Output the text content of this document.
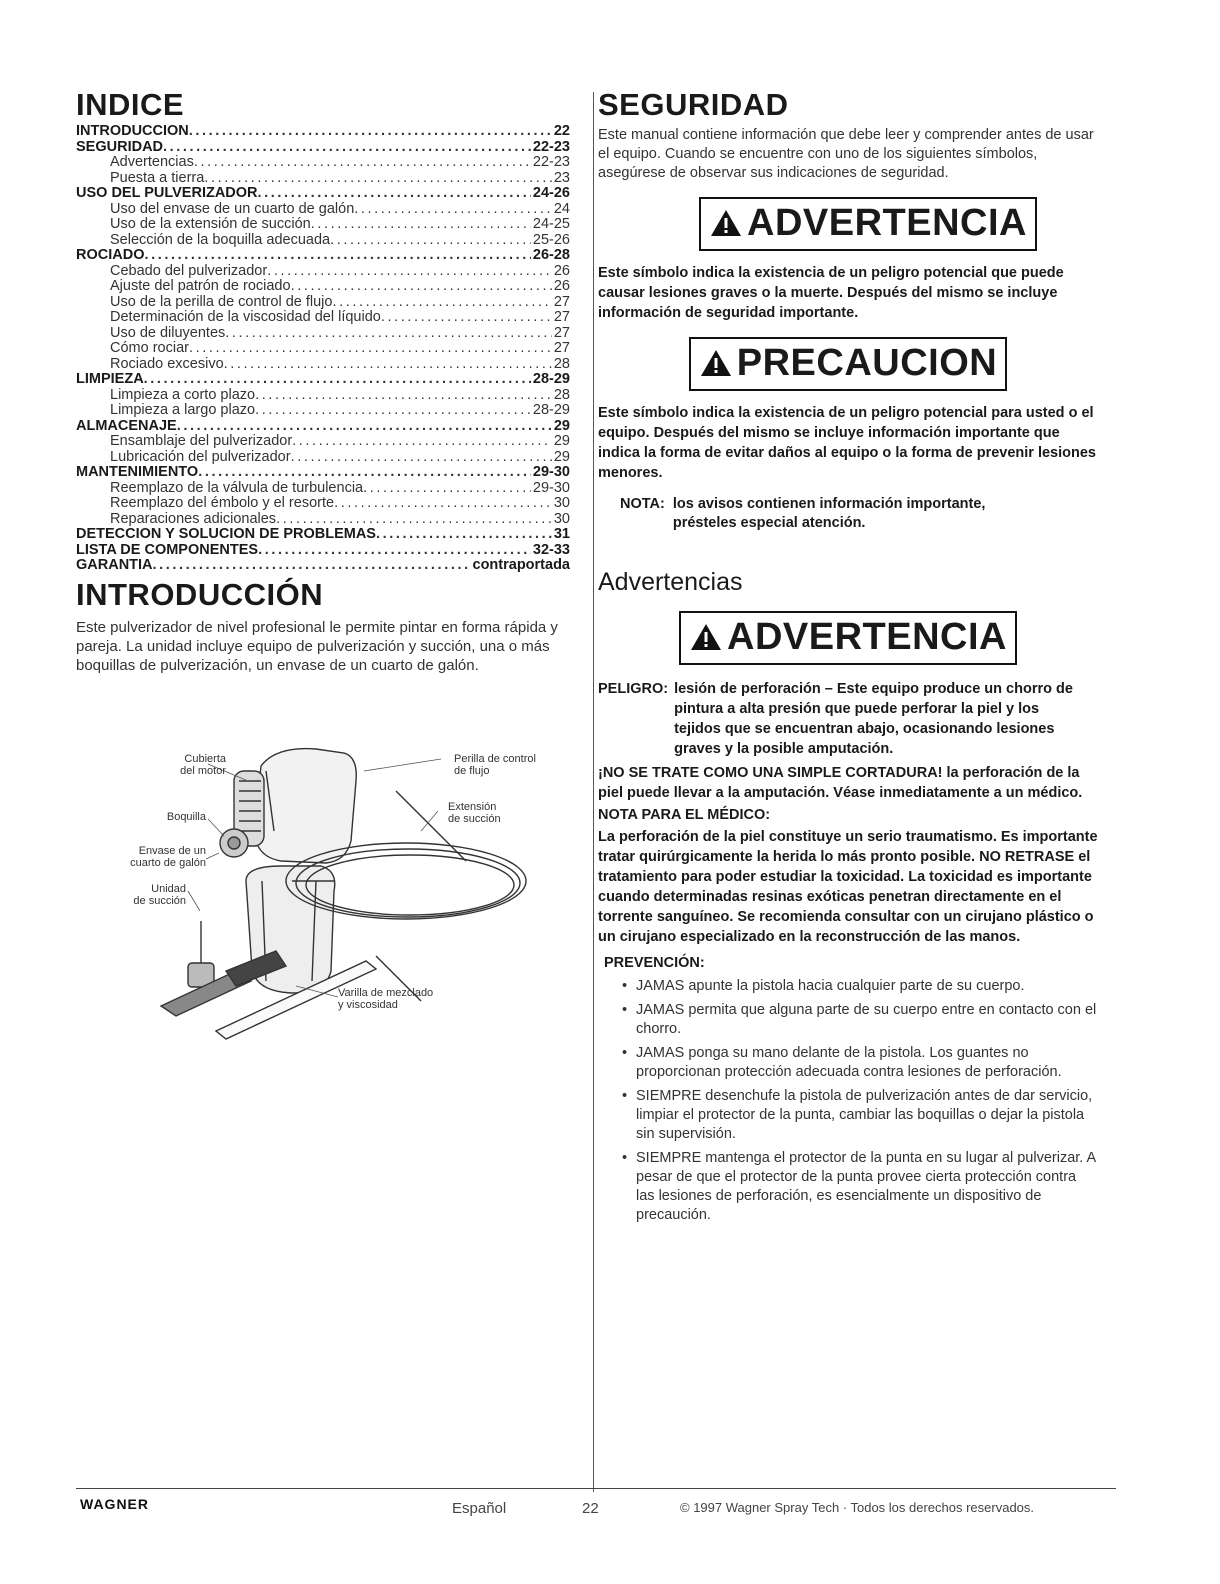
INDICE
INTRODUCCIÓN .....	22
SEGURIDAD .....	22-23
Advertencias .....	22-23
Puesta a tierra .....	23
USO DEL PULVERIZADOR .....	24-26
Uso del envase de un cuarto de galón .....	24
Uso de la extensión de succión .....	24-25
Selección de la boquilla adecuada .....	25-26
ROCIADO .....	26-28
Cebado del pulverizador .....	26
Ajuste del patrón de rociado .....	26
Uso de la perilla de control de flujo .....	27
Determinación de la viscosidad del líquido .....	27
Uso de diluyentes .....	27
Cómo rociar .....	27
Rociado excesivo .....	28
LIMPIEZA .....	28-29
Limpieza a corto plazo .....	28
Limpieza a largo plazo .....	28-29
ALMACENAJE .....	29
Ensamblaje del pulverizador .....	29
Lubricación del pulverizador .....	29
MANTENIMIENTO .....	29-30
Reemplazo de la válvula de turbulencia .....	29-30
Reemplazo del émbolo y el resorte .....	30
Reparaciones adicionales .....	30
DETECCIÓN Y SOLUCIÓN DE PROBLEMAS .....	31
LISTA DE COMPONENTES .....	32-33
GARANTÍA .....	contraportada
INTRODUCCIÓN

Este pulverizador de nivel profesional le permite pintar en forma rápida y pareja. La unidad incluye equipo de pulverización y succión, una o más boquillas de pulverización, un envase de un cuarto de galón.

Cubierta
del motor
Boquilla
Envase de un
cuarto de galón
Unidad
de succión
Perilla de control
de flujo
Extensión
de succión
Varilla de mezclado
y viscosidad
SEGURIDAD

Este manual contiene información que debe leer y comprender antes de usar el equipo. Cuando se encuentre con uno de los siguientes símbolos, asegúrese de observar sus indicaciones de seguridad.

ADVERTENCIA

Este símbolo indica la existencia de un peligro potencial que puede causar lesiones graves o la muerte. Después del mismo se incluye información de seguridad importante.

PRECAUCION

Este símbolo indica la existencia de un peligro potencial para usted o el equipo. Después del mismo se incluye información importante que indica la forma de evitar daños al equipo o la forma de prevenir lesiones menores.

NOTA: los avisos contienen información importante, présteles especial atención.
Advertencias
ADVERTENCIA
PELIGRO: lesión de perforación – Este equipo produce un chorro de pintura a alta presión que puede perforar la piel y los tejidos que se encuentran abajo, ocasionando lesiones graves y la posible amputación.

¡NO SE TRATE COMO UNA SIMPLE CORTADURA! la perforación de la piel puede llevar a la amputación. Véase inmediatamente a un médico.

NOTA PARA EL MÉDICO:

La perforación de la piel constituye un serio traumatismo. Es importante tratar quirúrgicamente la herida lo más pronto posible. NO RETRASE el tratamiento para poder estudiar la toxicidad. La toxicidad es importante cuando determinadas resinas exóticas penetran directamente en el torrente sanguíneo. Se recomienda consultar con un cirujano plástico o un cirujano especializado en la reconstrucción de las manos.

PREVENCIÓN:

• JAMAS apunte la pistola hacia cualquier parte de su cuerpo.
• JAMAS permita que alguna parte de su cuerpo entre en contacto con el chorro.
• JAMAS ponga su mano delante de la pistola. Los guantes no proporcionan protección adecuada contra lesiones de perforación.
• SIEMPRE desenchufe la pistola de pulverización antes de dar servicio, limpiar el protector de la punta, cambiar las boquillas o dejar la pistola sin supervisión.
• SIEMPRE mantenga el protector de la punta en su lugar al pulverizar. A pesar de que el protector de la punta provee cierta protección contra las lesiones de perforación, es esencialmente un dispositivo de precaución.
WAGNER	Español	22	© 1997 Wagner Spray Tech · Todos los derechos reservados.
